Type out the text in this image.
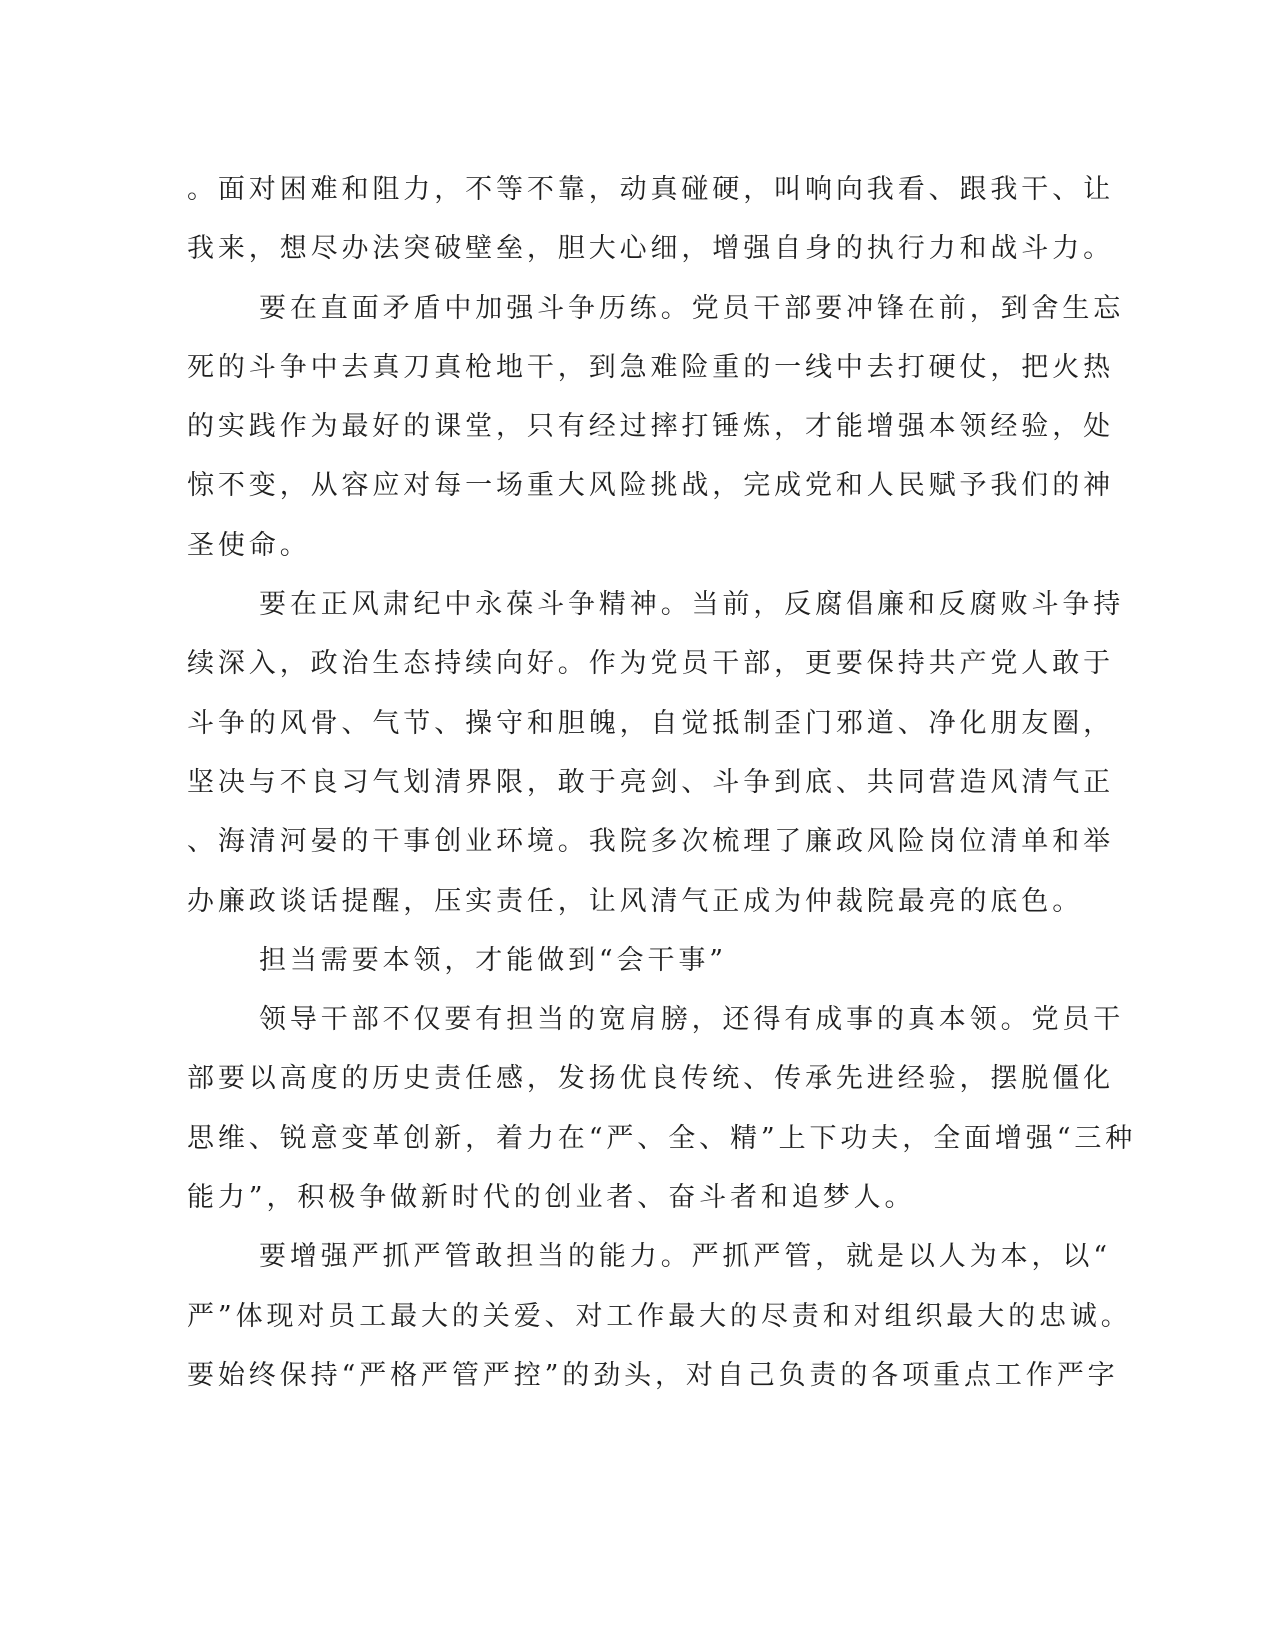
。面对困难和阻力，不等不靠，动真碰硬，叫响向我看、跟我干、让
我来，想尽办法突破壁垒，胆大心细，增强自身的执行力和战斗力。
要在直面矛盾中加强斗争历练。党员干部要冲锋在前，到舍生忘
死的斗争中去真刀真枪地干，到急难险重的一线中去打硬仗，把火热
的实践作为最好的课堂，只有经过摔打锤炼，才能增强本领经验，处
惊不变，从容应对每一场重大风险挑战，完成党和人民赋予我们的神
圣使命。
要在正风肃纪中永葆斗争精神。当前，反腐倡廉和反腐败斗争持
续深入，政治生态持续向好。作为党员干部，更要保持共产党人敢于
斗争的风骨、气节、操守和胆魄，自觉抵制歪门邪道、净化朋友圈，
坚决与不良习气划清界限，敢于亮剑、斗争到底、共同营造风清气正
、海清河晏的干事创业环境。我院多次梳理了廉政风险岗位清单和举
办廉政谈话提醒，压实责任，让风清气正成为仲裁院最亮的底色。
担当需要本领，才能做到“会干事”
领导干部不仅要有担当的宽肩膀，还得有成事的真本领。党员干
部要以高度的历史责任感，发扬优良传统、传承先进经验，摆脱僵化
思维、锐意变革创新，着力在“严、全、精”上下功夫，全面增强“三种
能力”，积极争做新时代的创业者、奋斗者和追梦人。
要增强严抓严管敢担当的能力。严抓严管，就是以人为本，以“
严”体现对员工最大的关爱、对工作最大的尽责和对组织最大的忠诚。
要始终保持“严格严管严控”的劲头，对自己负责的各项重点工作严字
